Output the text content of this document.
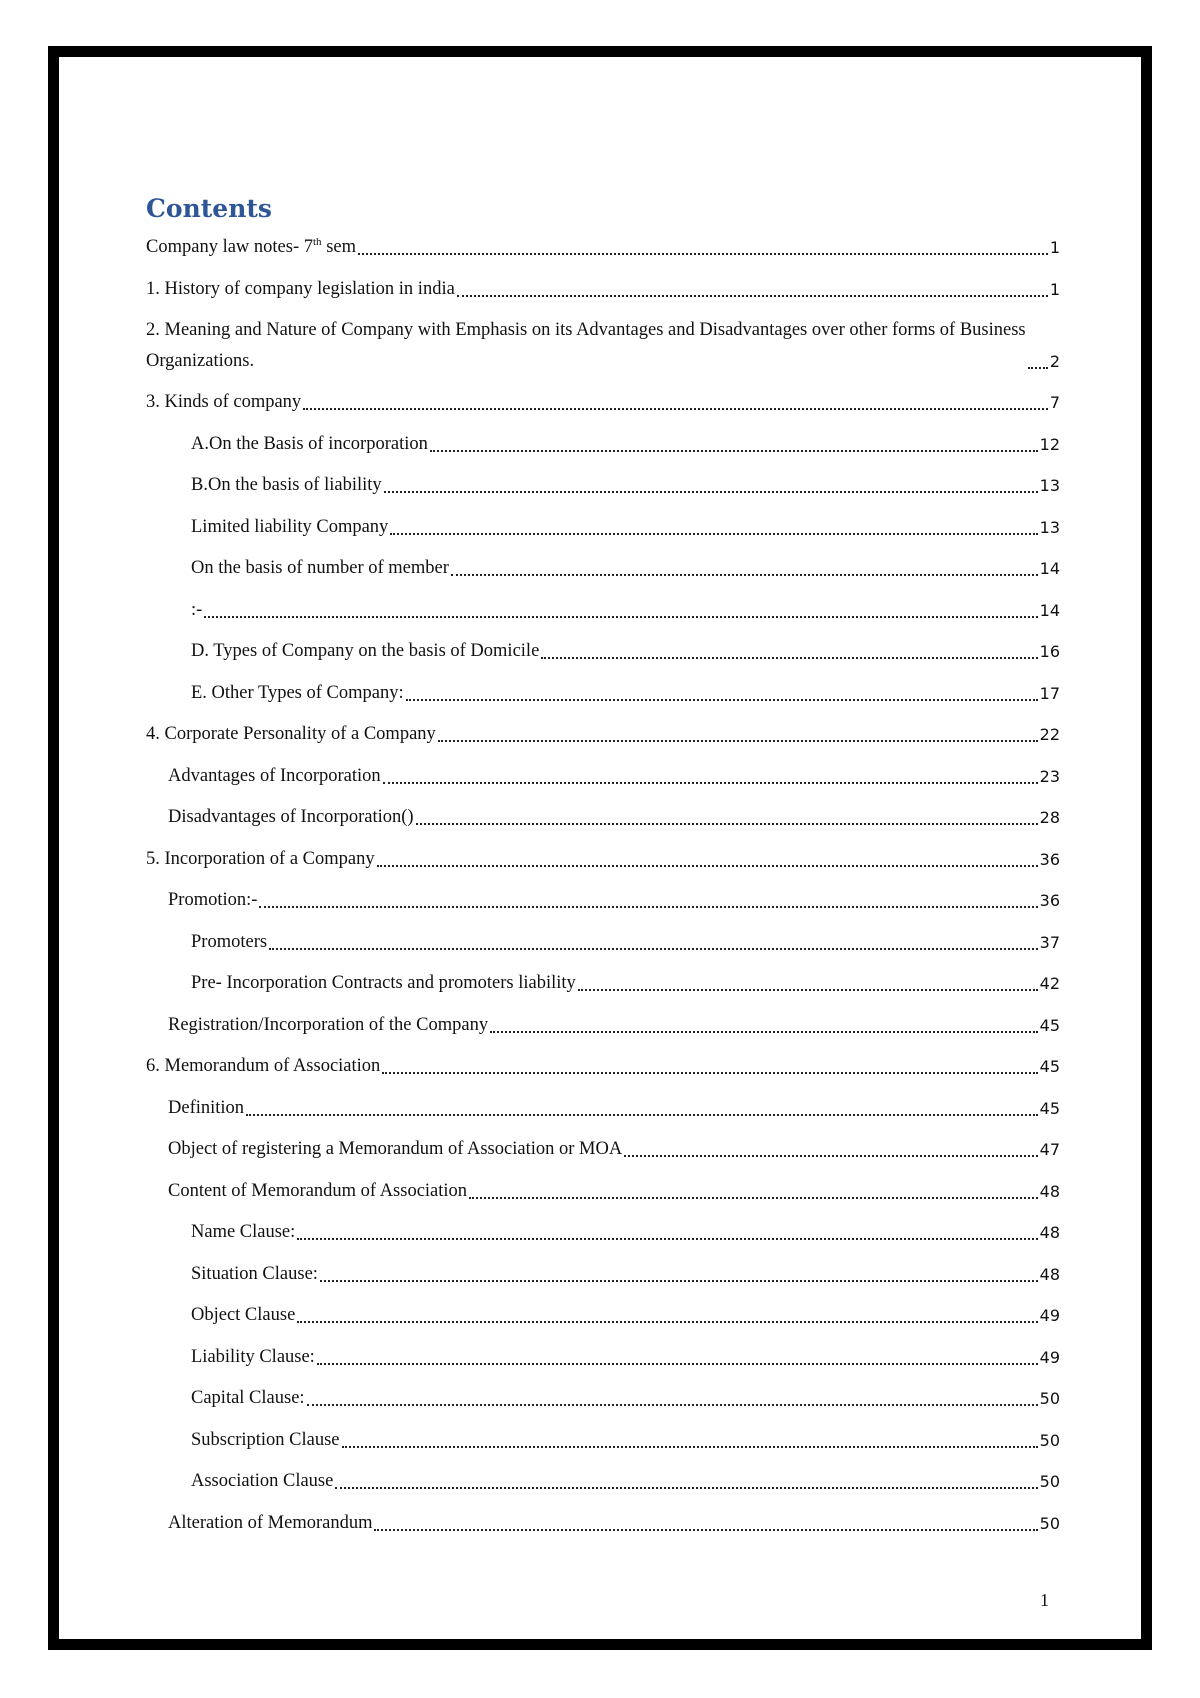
Contents
Company law notes- 7th sem	1
1. History of company legislation in india	1
2. Meaning and Nature of Company with Emphasis on its Advantages and Disadvantages over other forms of Business Organizations.	2
3. Kinds of company	7
A.On the Basis of incorporation	12
B.On the basis of liability	13
Limited liability Company	13
On the basis of number of member	14
:-	14
D. Types of Company on the basis of Domicile	16
E. Other Types of Company:	17
4. Corporate Personality of a Company	22
Advantages of Incorporation	23
Disadvantages of Incorporation()	28
5. Incorporation of a Company	36
Promotion:-	36
Promoters	37
Pre- Incorporation Contracts and promoters liability	42
Registration/Incorporation of the Company	45
6. Memorandum of Association	45
Definition	45
Object of registering a Memorandum of Association or MOA	47
Content of Memorandum of Association	48
Name Clause:	48
Situation Clause:	48
Object Clause	49
Liability Clause:	49
Capital Clause:	50
Subscription Clause	50
Association Clause	50
Alteration of Memorandum	50
1
